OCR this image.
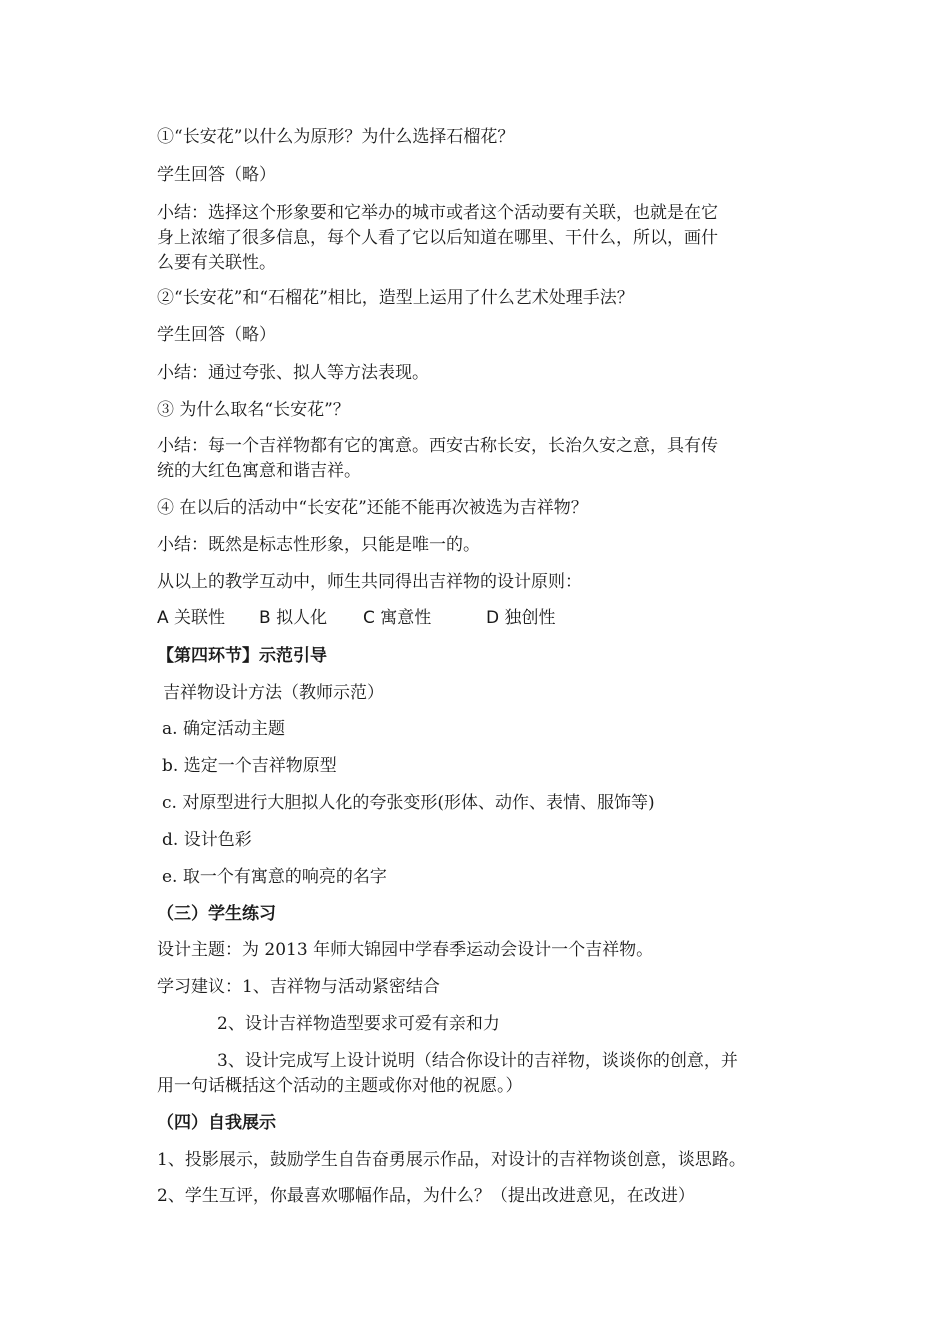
①“长安花”以什么为原形？为什么选择石榴花？
学生回答（略）
小结：选择这个形象要和它举办的城市或者这个活动要有关联，也就是在它
身上浓缩了很多信息，每个人看了它以后知道在哪里、干什么，所以，画什
么要有关联性。
②“长安花”和“石榴花”相比，造型上运用了什么艺术处理手法？
学生回答（略）
小结：通过夸张、拟人等方法表现。
③ 为什么取名“长安花”？
小结：每一个吉祥物都有它的寓意。西安古称长安，长治久安之意，具有传
统的大红色寓意和谐吉祥。
④ 在以后的活动中“长安花”还能不能再次被选为吉祥物？
小结：既然是标志性形象，只能是唯一的。
从以上的教学互动中，师生共同得出吉祥物的设计原则：
A 关联性 B 拟人化 C 寓意性	D 独创性
【第四环节】示范引导
吉祥物设计方法（教师示范）
a. 确定活动主题
b. 选定一个吉祥物原型
c. 对原型进行大胆拟人化的夸张变形(形体、动作、表情、服饰等)
d. 设计色彩
e. 取一个有寓意的响亮的名字
（三）学生练习
设计主题：为 2013 年师大锦园中学春季运动会设计一个吉祥物。
学习建议：1、吉祥物与活动紧密结合
2、设计吉祥物造型要求可爱有亲和力
3、设计完成写上设计说明（结合你设计的吉祥物，谈谈你的创意，并
用一句话概括这个活动的主题或你对他的祝愿。）
（四）自我展示
1、投影展示，鼓励学生自告奋勇展示作品，对设计的吉祥物谈创意，谈思路。
2、学生互评，你最喜欢哪幅作品，为什么？（提出改进意见，在改进）
